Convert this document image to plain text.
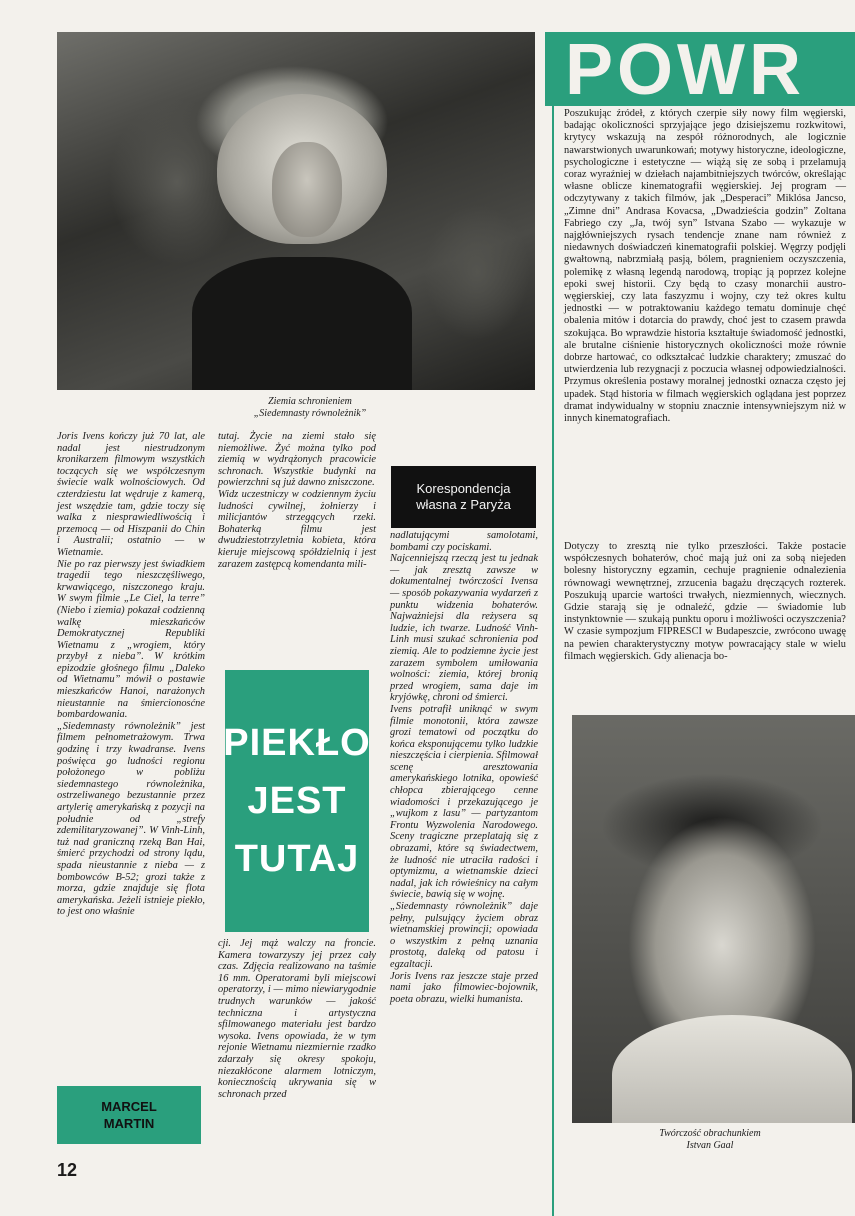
Ziemia schronieniem
„Siedemnasty równoleżnik”
POWR
Korespondencja
własna z Paryża
Joris Ivens kończy już 70 lat, ale nadal jest niestrudzonym kronikarzem filmowym wszystkich toczących się we współczesnym świecie walk wolnościowych. Od czterdziestu lat wędruje z kamerą, jest wszędzie tam, gdzie toczy się walka z niesprawiedliwością i przemocą — od Hiszpanii do Chin i Australii; ostatnio — w Wietnamie.
Nie po raz pierwszy jest świadkiem tragedii tego nieszczęśliwego, krwawiącego, niszczonego kraju. W swym filmie „Le Ciel, la terre” (Niebo i ziemia) pokazał codzienną walkę mieszkańców Demokratycznej Republiki Wietnamu z „wrogiem, który przybył z nieba”. W krótkim epizodzie głośnego filmu „Daleko od Wietnamu” mówił o postawie mieszkańców Hanoi, narażonych nieustannie na śmiercionosćne bombardowania.
„Siedemnasty równoleżnik” jest filmem pełnometrażowym. Trwa godzinę i trzy kwadranse. Ivens poświęca go ludności regionu położonego w pobliżu siedemnastego równoleżnika, ostrzeliwanego bezustannie przez artylerię amerykańską z pozycji na południe od „strefy zdemilitaryzowanej”. W Vinh-Linh, tuż nad graniczną rzeką Ban Hai, śmierć przychodzi od strony lądu, spada nieustannie z nieba — z bombowców B-52; grozi także z morza, gdzie znajduje się flota amerykańska. Jeżeli istnieje piekło, to jest ono właśnie
tutaj. Życie na ziemi stało się niemożliwe. Żyć można tylko pod ziemią w wydrążonych pracowicie schronach. Wszystkie budynki na powierzchni są już dawno zniszczone.
Widz uczestniczy w codziennym życiu ludności cywilnej, żołnierzy i milicjantów strzegących rzeki. Bohaterką filmu jest dwudziestotrzyletnia kobieta, która kieruje miejscową spółdzielnią i jest zarazem zastępcą komendanta mili-
cji. Jej mąż walczy na froncie. Kamera towarzyszy jej przez cały czas. Zdjęcia realizowano na taśmie 16 mm. Operatorami byli miejscowi operatorzy, i — mimo niewiarygodnie trudnych warunków — jakość techniczna i artystyczna sfilmowanego materiału jest bardzo wysoka. Ivens opowiada, że w tym rejonie Wietnamu niezmiernie rzadko zdarzały się okresy spokoju, niezakłócone alarmem lotniczym, koniecznością ukrywania się w schronach przed
nadlatującymi samolotami, bombami czy pociskami.
Najcenniejszą rzeczą jest tu jednak — jak zresztą zawsze w dokumentalnej twórczości Ivensa — sposób pokazywania wydarzeń z punktu widzenia bohaterów. Najważniejsi dla reżysera są ludzie, ich twarze. Ludność Vinh-Linh musi szukać schronienia pod ziemią. Ale to podziemne życie jest zarazem symbolem umiłowania wolności: ziemia, której bronią przed wrogiem, sama daje im kryjówkę, chroni od śmierci.
Ivens potrafił uniknąć w swym filmie monotonii, która zawsze grozi tematowi od początku do końca eksponującemu tylko ludzkie nieszczęścia i cierpienia. Sfilmował scenę aresztowania amerykańskiego lotnika, opowieść chłopca zbierającego cenne wiadomości i przekazującego je „wujkom z lasu” — partyzantom Frontu Wyzwolenia Narodowego. Sceny tragiczne przeplatają się z obrazami, które są świadectwem, że ludność nie utraciła radości i optymizmu, a wietnamskie dzieci nadal, jak ich rówieśnicy na całym świecie, bawią się w wojnę.
„Siedemnasty równoleżnik” daje pełny, pulsujący życiem obraz wietnamskiej prowincji; opowiada o wszystkim z pełną uznania prostotą, daleką od patosu i egzaltacji.
Joris Ivens raz jeszcze staje przed nami jako filmowiec-bojownik, poeta obrazu, wielki humanista.
PIEKŁO
JEST
TUTAJ
MARCEL
MARTIN
Poszukując źródeł, z których czerpie siły nowy film węgierski, badając okoliczności sprzyjające jego dzisiejszemu rozkwitowi, krytycy wskazują na zespół różnorodnych, ale logicznie nawarstwionych uwarunkowań; motywy historyczne, ideologiczne, psychologiczne i estetyczne — wiążą się ze sobą i przelamują coraz wyraźniej w dziełach najambitniejszych twórców, określając własne oblicze kinematografii węgierskiej. Jej program — odczytywany z takich filmów, jak „Desperaci” Miklósa Jancso, „Zimne dni” Andrasa Kovacsa, „Dwadzieścia godzin” Zoltana Fabriego czy „Ja, twój syn” Istvana Szabo — wykazuje w najgłówniejszych rysach tendencje znane nam również z niedawnych doświadczeń kinematografii polskiej. Węgrzy podjęli gwałtowną, nabrzmiałą pasją, bólem, pragnieniem oczyszczenia, polemikę z własną legendą narodową, tropiąc ją poprzez kolejne epoki swej historii. Czy będą to czasy monarchii austro-węgierskiej, czy lata faszyzmu i wojny, czy też okres kultu jednostki — w potraktowaniu każdego tematu dominuje chęć obalenia mitów i dotarcia do prawdy, choć jest to czasem prawda szokująca. Bo wprawdzie historia kształtuje świadomość jednostki, ale brutalne ciśnienie historycznych okoliczności może równie dobrze hartować, co odkształcać ludzkie charaktery; zmuszać do utwierdzenia lub rezygnacji z poczucia własnej odpowiedzialności. Przymus określenia postawy moralnej jednostki oznacza często jej upadek. Stąd historia w filmach węgierskich oglądana jest poprzez dramat indywidualny w stopniu znacznie intensywniejszym niż w innych kinematografiach.
Dotyczy to zresztą nie tylko przeszłości. Także postacie współczesnych bohaterów, choć mają już oni za sobą niejeden bolesny historyczny egzamin, cechuje pragnienie odnalezienia równowagi wewnętrznej, zrzucenia bagażu dręczących rozterek. Poszukują uparcie wartości trwałych, niezmiennych, wiecznych. Gdzie starają się je odnaleźć, gdzie — świadomie lub instynktownie — szukają punktu oporu i możliwości oczyszczenia?
W czasie sympozjum FIPRESCI w Budapeszcie, zwrócono uwagę na pewien charakterystyczny motyw powracający stale w wielu filmach węgierskich. Gdy alienacja bo-
Twórczość obrachunkiem
Istvan Gaal
12
